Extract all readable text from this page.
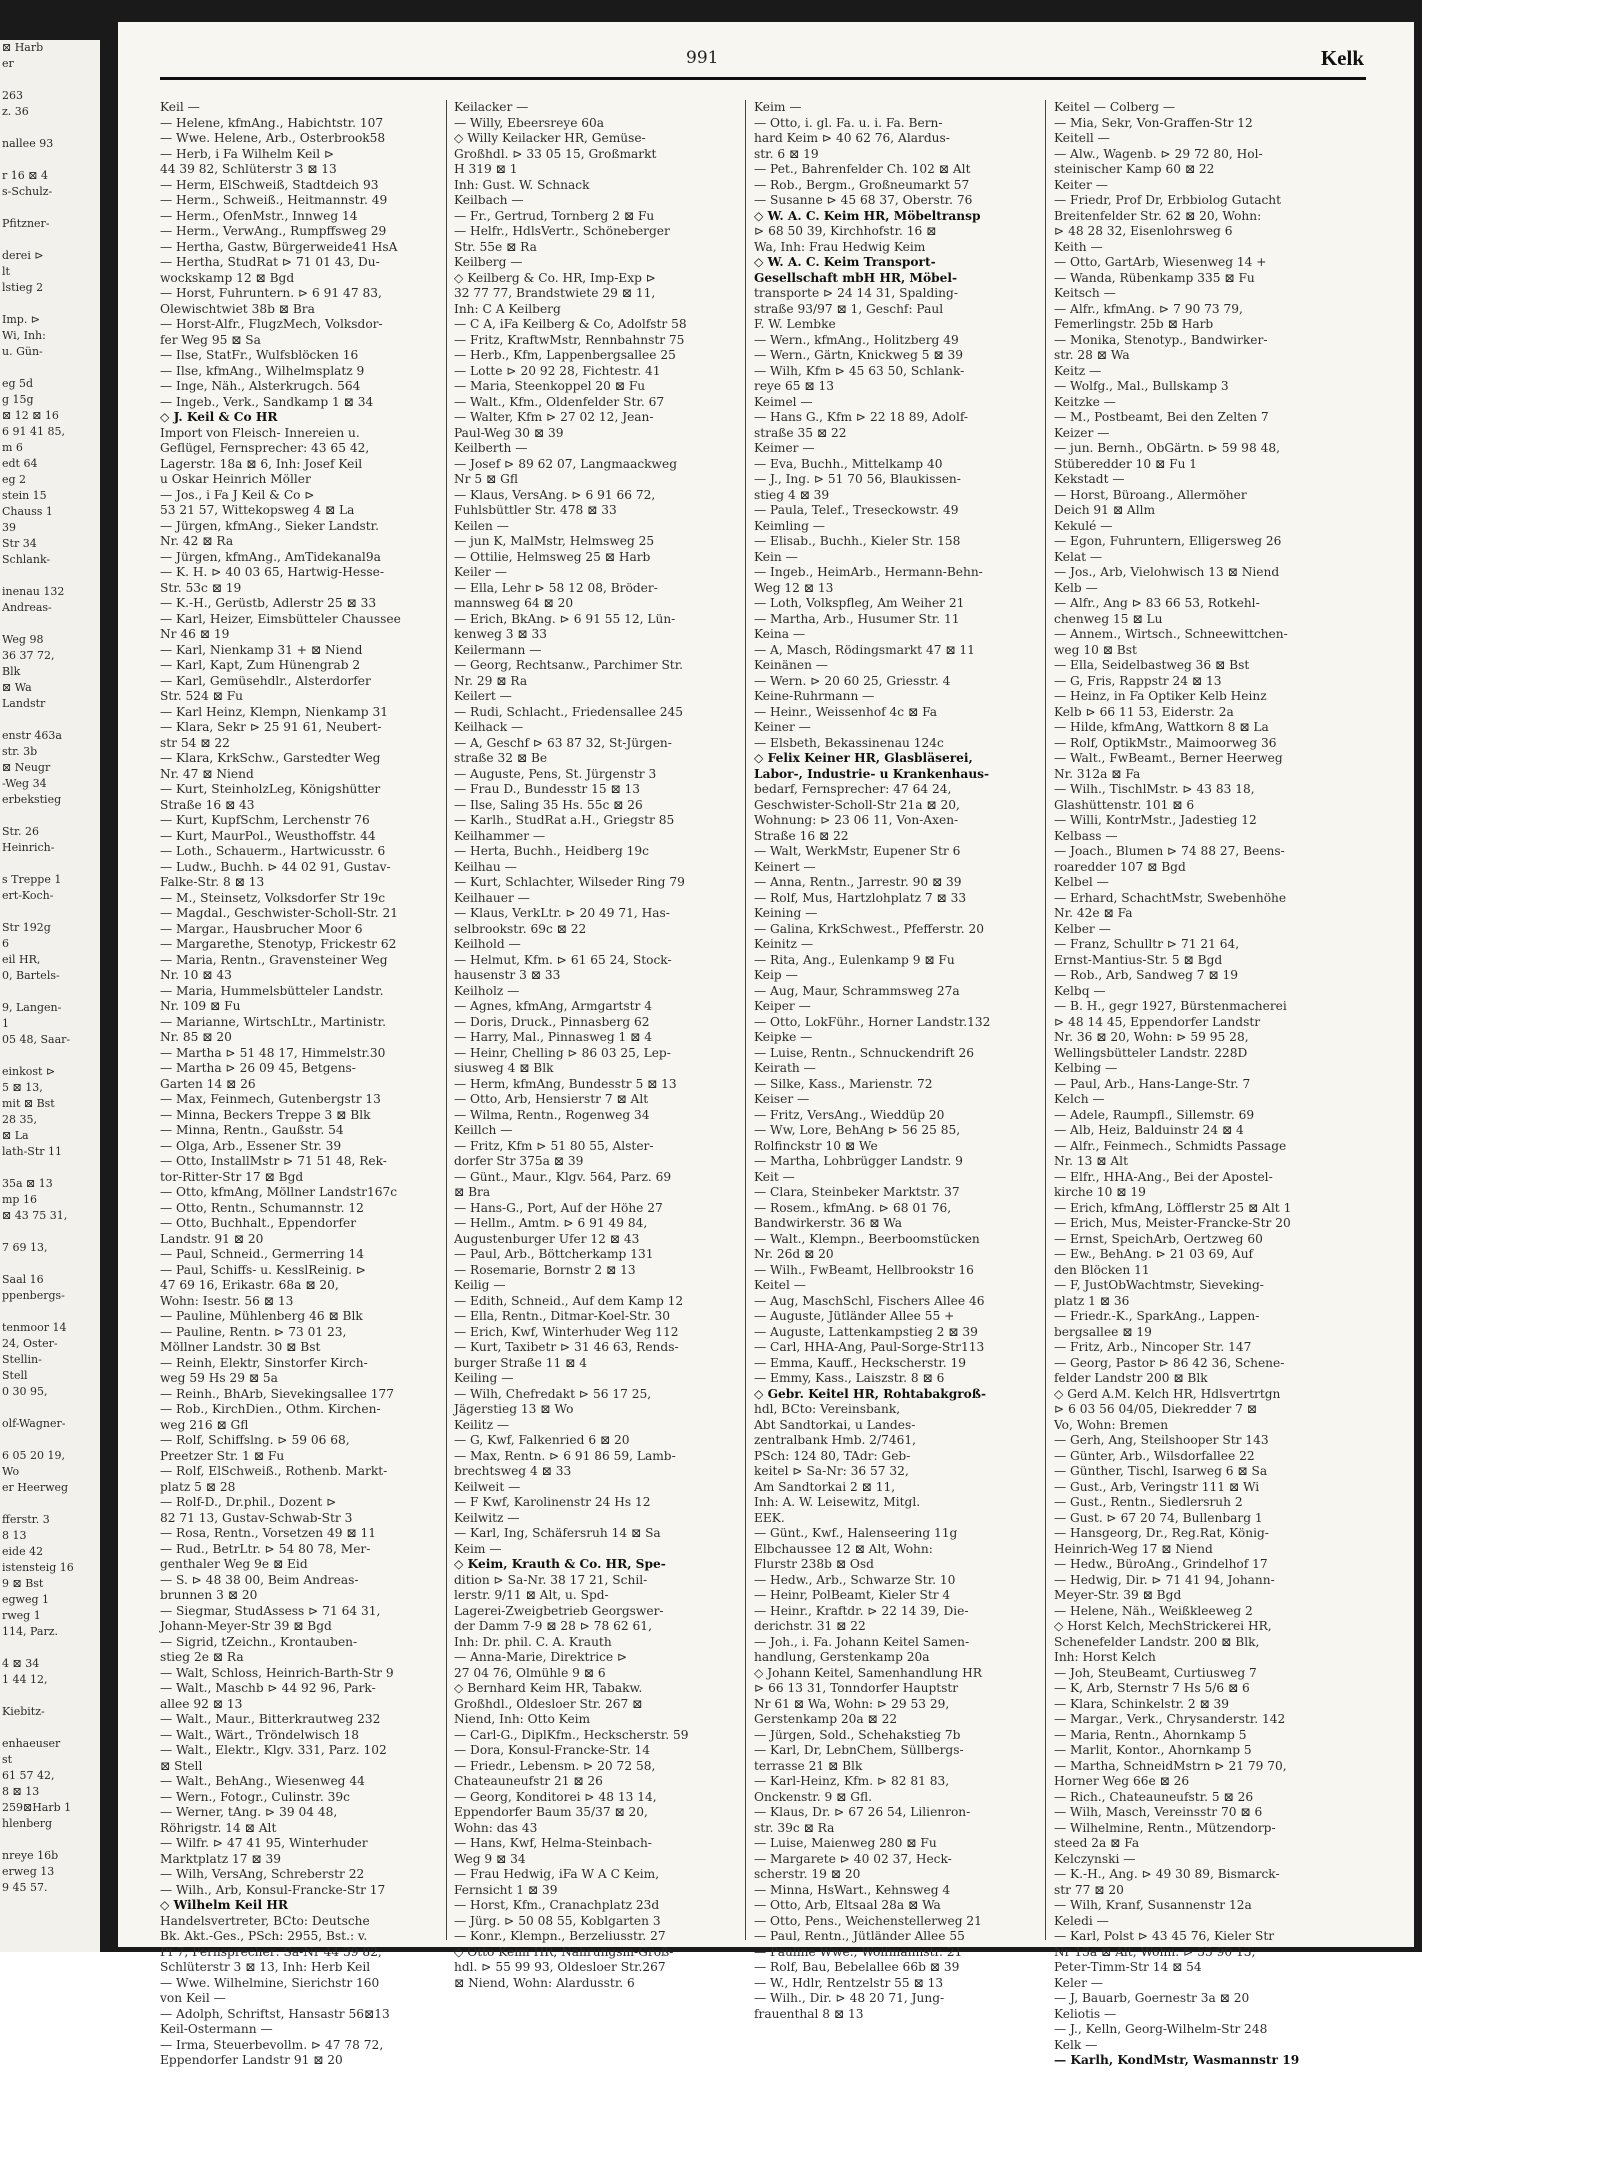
⊠ Harb
er

263
z. 36

nallee 93

r 16 ⊠ 4
s-Schulz-

Pfitzner-

derei ⊳
lt
lstieg 2

Imp. ⊳
Wi, Inh:
u. Gün-

eg 5d
g 15g
⊠ 12 ⊠ 16
6 91 41 85,
m 6
edt 64
eg 2
stein 15
Chauss 1
39
Str 34
Schlank-

inenau 132
Andreas-

Weg 98
36 37 72,
Blk
⊠ Wa
Landstr

enstr 463a
str. 3b
⊠ Neugr
-Weg 34
erbekstieg

Str. 26
Heinrich-

s Treppe 1
ert-Koch-

Str 192g
6
eil HR,
0, Bartels-

9, Langen-
1
05 48, Saar-

einkost ⊳
5 ⊠ 13,
mit ⊠ Bst
28 35,
⊠ La
lath-Str 11

35a ⊠ 13
mp 16
⊠ 43 75 31,

7 69 13,

Saal 16
ppenbergs-

tenmoor 14
24, Oster-
Stellin-
Stell
0 30 95,

olf-Wagner-

6 05 20 19,
Wo
er Heerweg

fferstr. 3
8 13
eide 42
istensteig 16
9 ⊠ Bst
egweg 1
rweg 1
114, Parz.

4 ⊠ 34
1 44 12,

Kiebitz-

enhaeuser
st
61 57 42,
8 ⊠ 13
259⊠Harb 1
hlenberg

nreye 16b
erweg 13
9 45 57.
991	Kelk
Keil —
— Helene, kfmAng., Habichtstr. 107
— Wwe. Helene, Arb., Osterbrook58
— Herb, i Fa Wilhelm Keil ⊳
44 39 82, Schlüterstr 3 ⊠ 13
— Herm, ElSchweiß, Stadtdeich 93
— Herm., Schweiß., Heitmannstr. 49
— Herm., OfenMstr., Innweg 14
— Herm., VerwAng., Rumpffsweg 29
— Hertha, Gastw, Bürgerweide41 HsA
— Hertha, StudRat ⊳ 71 01 43, Du-
wockskamp 12 ⊠ Bgd
— Horst, Fuhruntern. ⊳ 6 91 47 83,
Olewischtwiet 38b ⊠ Bra
— Horst-Alfr., FlugzMech, Volksdor-
fer Weg 95 ⊠ Sa
— Ilse, StatFr., Wulfsblöcken 16
— Ilse, kfmAng., Wilhelmsplatz 9
— Inge, Näh., Alsterkrugch. 564
— Ingeb., Verk., Sandkamp 1 ⊠ 34
◇ J. Keil & Co HR
Import von Fleisch- Innereien u.
Geflügel, Fernsprecher: 43 65 42,
Lagerstr. 18a ⊠ 6, Inh: Josef Keil
u Oskar Heinrich Möller
— Jos., i Fa J Keil & Co ⊳
53 21 57, Wittekopsweg 4 ⊠ La
— Jürgen, kfmAng., Sieker Landstr.
Nr. 42 ⊠ Ra
— Jürgen, kfmAng., AmTidekanal9a
— K. H. ⊳ 40 03 65, Hartwig-Hesse-
Str. 53c ⊠ 19
— K.-H., Gerüstb, Adlerstr 25 ⊠ 33
— Karl, Heizer, Eimsbütteler Chaussee
Nr 46 ⊠ 19
— Karl, Nienkamp 31 + ⊠ Niend
— Karl, Kapt, Zum Hünengrab 2
— Karl, Gemüsehdlr., Alsterdorfer
Str. 524 ⊠ Fu
— Karl Heinz, Klempn, Nienkamp 31
— Klara, Sekr ⊳ 25 91 61, Neubert-
str 54 ⊠ 22
— Klara, KrkSchw., Garstedter Weg
Nr. 47 ⊠ Niend
— Kurt, SteinholzLeg, Königshütter
Straße 16 ⊠ 43
— Kurt, KupfSchm, Lerchenstr 76
— Kurt, MaurPol., Weusthoffstr. 44
— Loth., Schauerm., Hartwicusstr. 6
— Ludw., Buchh. ⊳ 44 02 91, Gustav-
Falke-Str. 8 ⊠ 13
— M., Steinsetz, Volksdorfer Str 19c
— Magdal., Geschwister-Scholl-Str. 21
— Margar., Hausbrucher Moor 6
— Margarethe, Stenotyp, Frickestr 62
— Maria, Rentn., Gravensteiner Weg
Nr. 10 ⊠ 43
— Maria, Hummelsbütteler Landstr.
Nr. 109 ⊠ Fu
— Marianne, WirtschLtr., Martinistr.
Nr. 85 ⊠ 20
— Martha ⊳ 51 48 17, Himmelstr.30
— Martha ⊳ 26 09 45, Betgens-
Garten 14 ⊠ 26
— Max, Feinmech, Gutenbergstr 13
— Minna, Beckers Treppe 3 ⊠ Blk
— Minna, Rentn., Gaußstr. 54
— Olga, Arb., Essener Str. 39
— Otto, InstallMstr ⊳ 71 51 48, Rek-
tor-Ritter-Str 17 ⊠ Bgd
— Otto, kfmAng, Möllner Landstr167c
— Otto, Rentn., Schumannstr. 12
— Otto, Buchhalt., Eppendorfer
Landstr. 91 ⊠ 20
— Paul, Schneid., Germerring 14
— Paul, Schiffs- u. KesslReinig. ⊳
47 69 16, Erikastr. 68a ⊠ 20,
Wohn: Isestr. 56 ⊠ 13
— Pauline, Mühlenberg 46 ⊠ Blk
— Pauline, Rentn. ⊳ 73 01 23,
Möllner Landstr. 30 ⊠ Bst
— Reinh, Elektr, Sinstorfer Kirch-
weg 59 Hs 29 ⊠ 5a
— Reinh., BhArb, Sievekingsallee 177
— Rob., KirchDien., Othm. Kirchen-
weg 216 ⊠ Gfl
— Rolf, Schiffslng. ⊳ 59 06 68,
Preetzer Str. 1 ⊠ Fu
— Rolf, ElSchweiß., Rothenb. Markt-
platz 5 ⊠ 28
— Rolf-D., Dr.phil., Dozent ⊳
82 71 13, Gustav-Schwab-Str 3
— Rosa, Rentn., Vorsetzen 49 ⊠ 11
— Rud., BetrLtr. ⊳ 54 80 78, Mer-
genthaler Weg 9e ⊠ Eid
— S. ⊳ 48 38 00, Beim Andreas-
brunnen 3 ⊠ 20
— Siegmar, StudAssess ⊳ 71 64 31,
Johann-Meyer-Str 39 ⊠ Bgd
— Sigrid, tZeichn., Krontauben-
stieg 2e ⊠ Ra
— Walt, Schloss, Heinrich-Barth-Str 9
— Walt., Maschb ⊳ 44 92 96, Park-
allee 92 ⊠ 13
— Walt., Maur., Bitterkrautweg 232
— Walt., Wärt., Tröndelwisch 18
— Walt., Elektr., Klgv. 331, Parz. 102
⊠ Stell
— Walt., BehAng., Wiesenweg 44
— Wern., Fotogr., Culinstr. 39c
— Werner, tAng. ⊳ 39 04 48,
Röhrigstr. 14 ⊠ Alt
— Wilfr. ⊳ 47 41 95, Winterhuder
Marktplatz 17 ⊠ 39
— Wilh, VersAng, Schreberstr 22
— Wilh., Arb, Konsul-Francke-Str 17
◇ Wilhelm Keil HR
Handelsvertreter, BCto: Deutsche
Bk. Akt.-Ges., PSch: 2955, Bst.: v.
Pf 7, Fernsprecher: Sa-Nr 44 39 82,
Schlüterstr 3 ⊠ 13, Inh: Herb Keil
— Wwe. Wilhelmine, Sierichstr 160
von Keil —
— Adolph, Schriftst, Hansastr 56⊠13
Keil-Ostermann —
— Irma, Steuerbevollm. ⊳ 47 78 72,
Eppendorfer Landstr 91 ⊠ 20
Keilacker —
— Willy, Ebeersreye 60a
◇ Willy Keilacker HR, Gemüse-
Großhdl. ⊳ 33 05 15, Großmarkt
H 319 ⊠ 1
Inh: Gust. W. Schnack
Keilbach —
— Fr., Gertrud, Tornberg 2 ⊠ Fu
— Helfr., HdlsVertr., Schöneberger
Str. 55e ⊠ Ra
Keilberg —
◇ Keilberg & Co. HR, Imp-Exp ⊳
32 77 77, Brandstwiete 29 ⊠ 11,
Inh: C A Keilberg
— C A, iFa Keilberg & Co, Adolfstr 58
— Fritz, KraftwMstr, Rennbahnstr 75
— Herb., Kfm, Lappenbergsallee 25
— Lotte ⊳ 20 92 28, Fichtestr. 41
— Maria, Steenkoppel 20 ⊠ Fu
— Walt., Kfm., Oldenfelder Str. 67
— Walter, Kfm ⊳ 27 02 12, Jean-
Paul-Weg 30 ⊠ 39
Keilberth —
— Josef ⊳ 89 62 07, Langmaackweg
Nr 5 ⊠ Gfl
— Klaus, VersAng. ⊳ 6 91 66 72,
Fuhlsbüttler Str. 478 ⊠ 33
Keilen —
— jun K, MalMstr, Helmsweg 25
— Ottilie, Helmsweg 25 ⊠ Harb
Keiler —
— Ella, Lehr ⊳ 58 12 08, Bröder-
mannsweg 64 ⊠ 20
— Erich, BkAng. ⊳ 6 91 55 12, Lün-
kenweg 3 ⊠ 33
Keilermann —
— Georg, Rechtsanw., Parchimer Str.
Nr. 29 ⊠ Ra
Keilert —
— Rudi, Schlacht., Friedensallee 245
Keilhack —
— A, Geschf ⊳ 63 87 32, St-Jürgen-
straße 32 ⊠ Be
— Auguste, Pens, St. Jürgenstr 3
— Frau D., Bundesstr 15 ⊠ 13
— Ilse, Saling 35 Hs. 55c ⊠ 26
— Karlh., StudRat a.H., Griegstr 85
Keilhammer —
— Herta, Buchh., Heidberg 19c
Keilhau —
— Kurt, Schlachter, Wilseder Ring 79
Keilhauer —
— Klaus, VerkLtr. ⊳ 20 49 71, Has-
selbrookstr. 69c ⊠ 22
Keilhold —
— Helmut, Kfm. ⊳ 61 65 24, Stock-
hausenstr 3 ⊠ 33
Keilholz —
— Agnes, kfmAng, Armgartstr 4
— Doris, Druck., Pinnasberg 62
— Harry, Mal., Pinnasweg 1 ⊠ 4
— Heinr, Chelling ⊳ 86 03 25, Lep-
siusweg 4 ⊠ Blk
— Herm, kfmAng, Bundesstr 5 ⊠ 13
— Otto, Arb, Hensierstr 7 ⊠ Alt
— Wilma, Rentn., Rogenweg 34
Keillch —
— Fritz, Kfm ⊳ 51 80 55, Alster-
dorfer Str 375a ⊠ 39
— Günt., Maur., Klgv. 564, Parz. 69
⊠ Bra
— Hans-G., Port, Auf der Höhe 27
— Hellm., Amtm. ⊳ 6 91 49 84,
Augustenburger Ufer 12 ⊠ 43
— Paul, Arb., Böttcherkamp 131
— Rosemarie, Bornstr 2 ⊠ 13
Keilig —
— Edith, Schneid., Auf dem Kamp 12
— Ella, Rentn., Ditmar-Koel-Str. 30
— Erich, Kwf, Winterhuder Weg 112
— Kurt, Taxibetr ⊳ 31 46 63, Rends-
burger Straße 11 ⊠ 4
Keiling —
— Wilh, Chefredakt ⊳ 56 17 25,
Jägerstieg 13 ⊠ Wo
Keilitz —
— G, Kwf, Falkenried 6 ⊠ 20
— Max, Rentn. ⊳ 6 91 86 59, Lamb-
brechtsweg 4 ⊠ 33
Keilweit —
— F Kwf, Karolinenstr 24 Hs 12
Keilwitz —
— Karl, Ing, Schäfersruh 14 ⊠ Sa
Keim —
◇ Keim, Krauth & Co. HR, Spe-
dition ⊳ Sa-Nr. 38 17 21, Schil-
lerstr. 9/11 ⊠ Alt, u. Spd-
Lagerei-Zweigbetrieb Georgswer-
der Damm 7-9 ⊠ 28 ⊳ 78 62 61,
Inh: Dr. phil. C. A. Krauth
— Anna-Marie, Direktrice ⊳
27 04 76, Olmühle 9 ⊠ 6
◇ Bernhard Keim HR, Tabakw.
Großhdl., Oldesloer Str. 267 ⊠
Niend, Inh: Otto Keim
— Carl-G., DiplKfm., Heckscherstr. 59
— Dora, Konsul-Francke-Str. 14
— Friedr., Lebensm. ⊳ 20 72 58,
Chateauneufstr 21 ⊠ 26
— Georg, Konditorei ⊳ 48 13 14,
Eppendorfer Baum 35/37 ⊠ 20,
Wohn: das 43
— Hans, Kwf, Helma-Steinbach-
Weg 9 ⊠ 34
— Frau Hedwig, iFa W A C Keim,
Fernsicht 1 ⊠ 39
— Horst, Kfm., Cranachplatz 23d
— Jürg. ⊳ 50 08 55, Koblgarten 3
— Konr., Klempn., Berzeliusstr. 27
◇ Otto Keim HR, Nahrungsm-Groß-
hdl. ⊳ 55 99 93, Oldesloer Str.267
⊠ Niend, Wohn: Alardusstr. 6
Keim —
— Otto, i. gl. Fa. u. i. Fa. Bern-
hard Keim ⊳ 40 62 76, Alardus-
str. 6 ⊠ 19
— Pet., Bahrenfelder Ch. 102 ⊠ Alt
— Rob., Bergm., Großneumarkt 57
— Susanne ⊳ 45 68 37, Oberstr. 76
◇ W. A. C. Keim HR, Möbeltransp
⊳ 68 50 39, Kirchhofstr. 16 ⊠
Wa, Inh: Frau Hedwig Keim
◇ W. A. C. Keim Transport-
Gesellschaft mbH HR, Möbel-
transporte ⊳ 24 14 31, Spalding-
straße 93/97 ⊠ 1, Geschf: Paul
F. W. Lembke
— Wern., kfmAng., Holitzberg 49
— Wern., Gärtn, Knickweg 5 ⊠ 39
— Wilh, Kfm ⊳ 45 63 50, Schlank-
reye 65 ⊠ 13
Keimel —
— Hans G., Kfm ⊳ 22 18 89, Adolf-
straße 35 ⊠ 22
Keimer —
— Eva, Buchh., Mittelkamp 40
— J., Ing. ⊳ 51 70 56, Blaukissen-
stieg 4 ⊠ 39
— Paula, Telef., Treseckowstr. 49
Keimling —
— Elisab., Buchh., Kieler Str. 158
Kein —
— Ingeb., HeimArb., Hermann-Behn-
Weg 12 ⊠ 13
— Loth, Volkspfleg, Am Weiher 21
— Martha, Arb., Husumer Str. 11
Keina —
— A, Masch, Rödingsmarkt 47 ⊠ 11
Keinänen —
— Wern. ⊳ 20 60 25, Griesstr. 4
Keine-Ruhrmann —
— Heinr., Weissenhof 4c ⊠ Fa
Keiner —
— Elsbeth, Bekassinenau 124c
◇ Felix Keiner HR, Glasbläserei,
Labor-, Industrie- u Krankenhaus-
bedarf, Fernsprecher: 47 64 24,
Geschwister-Scholl-Str 21a ⊠ 20,
Wohnung: ⊳ 23 06 11, Von-Axen-
Straße 16 ⊠ 22
— Walt, WerkMstr, Eupener Str 6
Keinert —
— Anna, Rentn., Jarrestr. 90 ⊠ 39
— Rolf, Mus, Hartzlohplatz 7 ⊠ 33
Keining —
— Galina, KrkSchwest., Pfefferstr. 20
Keinitz —
— Rita, Ang., Eulenkamp 9 ⊠ Fu
Keip —
— Aug, Maur, Schrammsweg 27a
Keiper —
— Otto, LokFühr., Horner Landstr.132
Keipke —
— Luise, Rentn., Schnuckendrift 26
Keirath —
— Silke, Kass., Marienstr. 72
Keiser —
— Fritz, VersAng., Wieddüp 20
— Ww, Lore, BehAng ⊳ 56 25 85,
Rolfinckstr 10 ⊠ We
— Martha, Lohbrügger Landstr. 9
Keit —
— Clara, Steinbeker Marktstr. 37
— Rosem., kfmAng. ⊳ 68 01 76,
Bandwirkerstr. 36 ⊠ Wa
— Walt., Klempn., Beerboomstücken
Nr. 26d ⊠ 20
— Wilh., FwBeamt, Hellbrookstr 16
Keitel —
— Aug, MaschSchl, Fischers Allee 46
— Auguste, Jütländer Allee 55 +
— Auguste, Lattenkampstieg 2 ⊠ 39
— Carl, HHA-Ang, Paul-Sorge-Str113
— Emma, Kauff., Heckscherstr. 19
— Emmy, Kass., Laiszstr. 8 ⊠ 6
◇ Gebr. Keitel HR, Rohtabakgroß-
hdl, BCto: Vereinsbank,
Abt Sandtorkai, u Landes-
zentralbank Hmb. 2/7461,
PSch: 124 80, TAdr: Geb-
keitel ⊳ Sa-Nr: 36 57 32,
Am Sandtorkai 2 ⊠ 11,
Inh: A. W. Leisewitz, Mitgl.
EEK.
— Günt., Kwf., Halenseering 11g
Elbchaussee 12 ⊠ Alt, Wohn:
Flurstr 238b ⊠ Osd
— Hedw., Arb., Schwarze Str. 10
— Heinr, PolBeamt, Kieler Str 4
— Heinr., Kraftdr. ⊳ 22 14 39, Die-
derichstr. 31 ⊠ 22
— Joh., i. Fa. Johann Keitel Samen-
handlung, Gerstenkamp 20a
◇ Johann Keitel, Samenhandlung HR
⊳ 66 13 31, Tonndorfer Hauptstr
Nr 61 ⊠ Wa, Wohn: ⊳ 29 53 29,
Gerstenkamp 20a ⊠ 22
— Jürgen, Sold., Schehakstieg 7b
— Karl, Dr, LebnChem, Süllbergs-
terrasse 21 ⊠ Blk
— Karl-Heinz, Kfm. ⊳ 82 81 83,
Onckenstr. 9 ⊠ Gfl.
— Klaus, Dr. ⊳ 67 26 54, Lilienron-
str. 39c ⊠ Ra
— Luise, Maienweg 280 ⊠ Fu
— Margarete ⊳ 40 02 37, Heck-
scherstr. 19 ⊠ 20
— Minna, HsWart., Kehnsweg 4
— Otto, Arb, Eltsaal 28a ⊠ Wa
— Otto, Pens., Weichenstellerweg 21
— Paul, Rentn., Jütländer Allee 55
— Pauline Wwe., Wolfmannstr. 21
— Rolf, Bau, Bebelallee 66b ⊠ 39
— W., Hdlr, Rentzelstr 55 ⊠ 13
— Wilh., Dir. ⊳ 48 20 71, Jung-
frauenthal 8 ⊠ 13
Keitel — Colberg —
— Mia, Sekr, Von-Graffen-Str 12
Keitell —
— Alw., Wagenb. ⊳ 29 72 80, Hol-
steinischer Kamp 60 ⊠ 22
Keiter —
— Friedr, Prof Dr, Erbbiolog Gutacht
Breitenfelder Str. 62 ⊠ 20, Wohn:
⊳ 48 28 32, Eisenlohrsweg 6
Keith —
— Otto, GartArb, Wiesenweg 14 +
— Wanda, Rübenkamp 335 ⊠ Fu
Keitsch —
— Alfr., kfmAng. ⊳ 7 90 73 79,
Femerlingstr. 25b ⊠ Harb
— Monika, Stenotyp., Bandwirker-
str. 28 ⊠ Wa
Keitz —
— Wolfg., Mal., Bullskamp 3
Keitzke —
— M., Postbeamt, Bei den Zelten 7
Keizer —
— jun. Bernh., ObGärtn. ⊳ 59 98 48,
Stüberedder 10 ⊠ Fu 1
Kekstadt —
— Horst, Büroang., Allermöher
Deich 91 ⊠ Allm
Kekulé —
— Egon, Fuhruntern, Elligersweg 26
Kelat —
— Jos., Arb, Vielohwisch 13 ⊠ Niend
Kelb —
— Alfr., Ang ⊳ 83 66 53, Rotkehl-
chenweg 15 ⊠ Lu
— Annem., Wirtsch., Schneewittchen-
weg 10 ⊠ Bst
— Ella, Seidelbastweg 36 ⊠ Bst
— G, Fris, Rappstr 24 ⊠ 13
— Heinz, in Fa Optiker Kelb Heinz
Kelb ⊳ 66 11 53, Eiderstr. 2a
— Hilde, kfmAng, Wattkorn 8 ⊠ La
— Rolf, OptikMstr., Maimoorweg 36
— Walt., FwBeamt., Berner Heerweg
Nr. 312a ⊠ Fa
— Wilh., TischlMstr. ⊳ 43 83 18,
Glashüttenstr. 101 ⊠ 6
— Willi, KontrMstr., Jadestieg 12
Kelbass —
— Joach., Blumen ⊳ 74 88 27, Beens-
roaredder 107 ⊠ Bgd
Kelbel —
— Erhard, SchachtMstr, Swebenhöhe
Nr. 42e ⊠ Fa
Kelber —
— Franz, Schulltr ⊳ 71 21 64,
Ernst-Mantius-Str. 5 ⊠ Bgd
— Rob., Arb, Sandweg 7 ⊠ 19
Kelbq —
— B. H., gegr 1927, Bürstenmacherei
⊳ 48 14 45, Eppendorfer Landstr
Nr. 36 ⊠ 20, Wohn: ⊳ 59 95 28,
Wellingsbütteler Landstr. 228D
Kelbing —
— Paul, Arb., Hans-Lange-Str. 7
Kelch —
— Adele, Raumpfl., Sillemstr. 69
— Alb, Heiz, Balduinstr 24 ⊠ 4
— Alfr., Feinmech., Schmidts Passage
Nr. 13 ⊠ Alt
— Elfr., HHA-Ang., Bei der Apostel-
kirche 10 ⊠ 19
— Erich, kfmAng, Löfflerstr 25 ⊠ Alt 1
— Erich, Mus, Meister-Francke-Str 20
— Ernst, SpeichArb, Oertzweg 60
— Ew., BehAng. ⊳ 21 03 69, Auf
den Blöcken 11
— F, JustObWachtmstr, Sieveking-
platz 1 ⊠ 36
— Friedr.-K., SparkAng., Lappen-
bergsallee ⊠ 19
— Fritz, Arb., Nincoper Str. 147
— Georg, Pastor ⊳ 86 42 36, Schene-
felder Landstr 200 ⊠ Blk
◇ Gerd A.M. Kelch HR, Hdlsvertrtgn
⊳ 6 03 56 04/05, Diekredder 7 ⊠
Vo, Wohn: Bremen
— Gerh, Ang, Steilshooper Str 143
— Günter, Arb., Wilsdorfallee 22
— Günther, Tischl, Isarweg 6 ⊠ Sa
— Gust., Arb, Veringstr 111 ⊠ Wi
— Gust., Rentn., Siedlersruh 2
— Gust. ⊳ 67 20 74, Bullenbarg 1
— Hansgeorg, Dr., Reg.Rat, König-
Heinrich-Weg 17 ⊠ Niend
— Hedw., BüroAng., Grindelhof 17
— Hedwig, Dir. ⊳ 71 41 94, Johann-
Meyer-Str. 39 ⊠ Bgd
— Helene, Näh., Weißkleeweg 2
◇ Horst Kelch, MechStrickerei HR,
Schenefelder Landstr. 200 ⊠ Blk,
Inh: Horst Kelch
— Joh, SteuBeamt, Curtiusweg 7
— K, Arb, Sternstr 7 Hs 5/6 ⊠ 6
— Klara, Schinkelstr. 2 ⊠ 39
— Margar., Verk., Chrysanderstr. 142
— Maria, Rentn., Ahornkamp 5
— Marlit, Kontor., Ahornkamp 5
— Martha, SchneidMstrn ⊳ 21 79 70,
Horner Weg 66e ⊠ 26
— Rich., Chateauneufstr. 5 ⊠ 26
— Wilh, Masch, Vereinsstr 70 ⊠ 6
— Wilhelmine, Rentn., Mützendorp-
steed 2a ⊠ Fa
Kelczynski —
— K.-H., Ang. ⊳ 49 30 89, Bismarck-
str 77 ⊠ 20
— Wilh, Kranf, Susannenstr 12a
Keledi —
— Karl, Polst ⊳ 43 45 76, Kieler Str
Nr 13a ⊠ Alt, Wohn: ⊳ 55 90 13,
Peter-Timm-Str 14 ⊠ 54
Keler —
— J, Bauarb, Goernestr 3a ⊠ 20
Keliotis —
— J., Kelln, Georg-Wilhelm-Str 248
Kelk —
— Karlh, KondMstr, Wasmannstr 19
